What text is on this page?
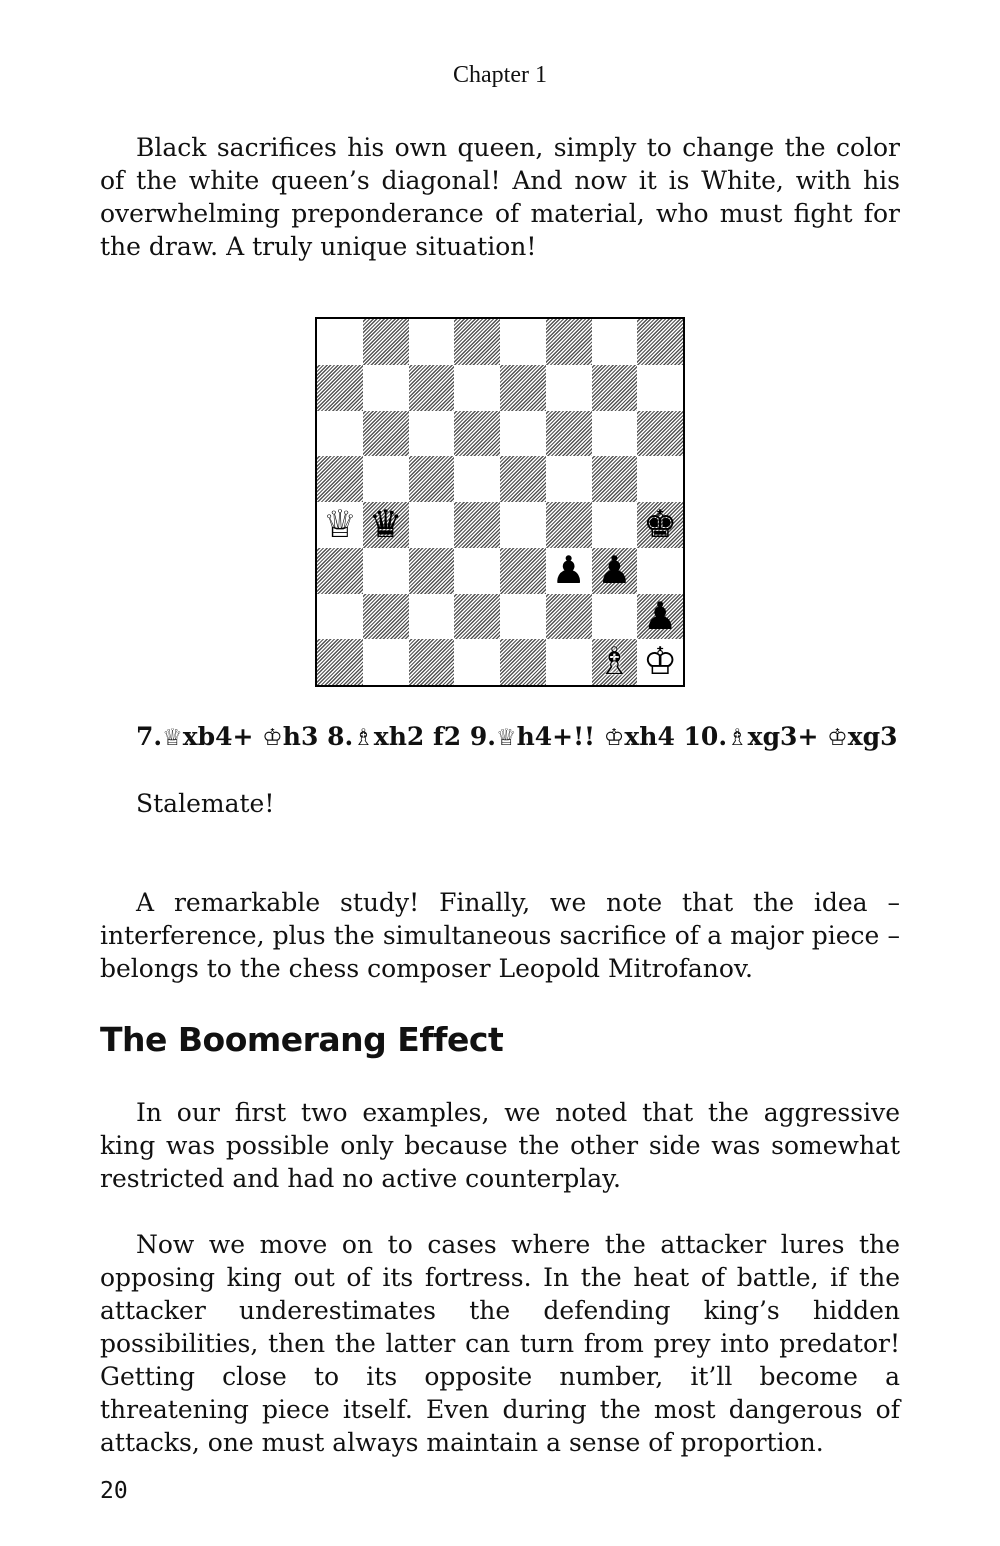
Chapter 1

Black sacrifices his own queen, simply to change the color of the white queen’s diagonal! And now it is White, with his overwhelming preponderance of material, who must fight for the draw. A truly unique situation!

♕ ♛	♚
♟ ♟
♟
♗ ♔
7.♕xb4+ ♔h3 8.♗xh2 f2 9.♕h4+!! ♔xh4 10.♗xg3+ ♔xg3
Stalemate!

A remarkable study! Finally, we note that the idea – interference, plus the simultaneous sacrifice of a major piece – belongs to the chess composer Leopold Mitrofanov.

The Boomerang Effect

In our first two examples, we noted that the aggressive king was possible only because the other side was somewhat restricted and had no active counterplay.

Now we move on to cases where the attacker lures the opposing king out of its fortress. In the heat of battle, if the attacker underestimates the defending king’s hidden possibilities, then the latter can turn from prey into predator! Getting close to its opposite number, it’ll become a threatening piece itself. Even during the most dangerous of attacks, one must always maintain a sense of proportion.

20
